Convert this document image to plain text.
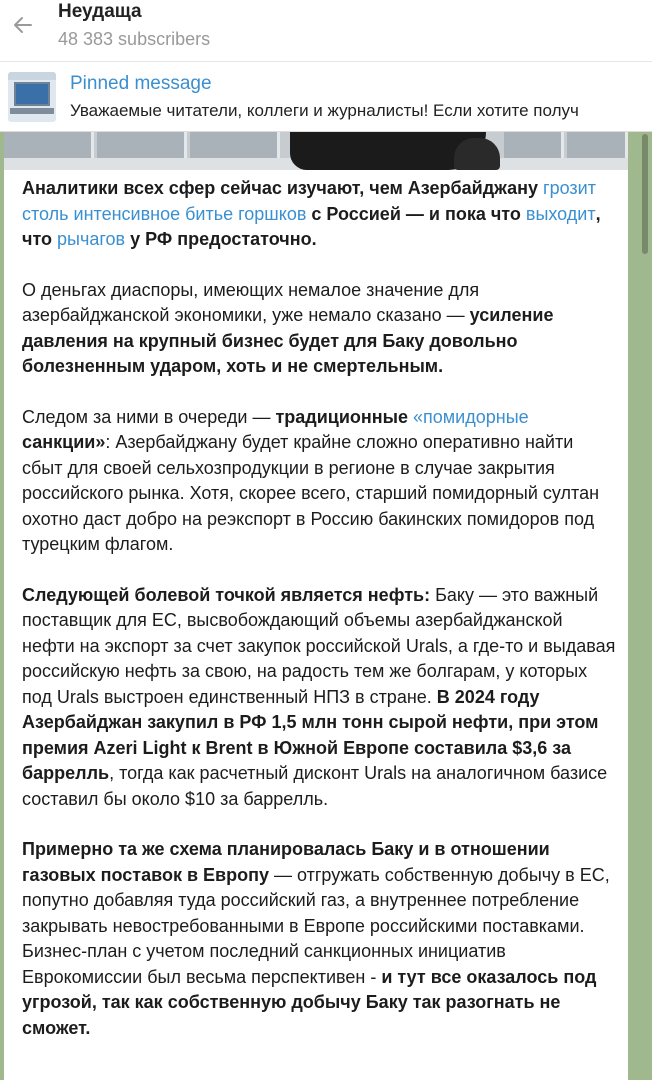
Неудаща
48 383 subscribers
Pinned message
Уважаемые читатели, коллеги и журналисты! Если хотите получ

Аналитики всех сфер сейчас изучают, чем Азербайджану грозит столь интенсивное битье горшков с Россией — и пока что выходит, что рычагов у РФ предостаточно.

О деньгах диаспоры, имеющих немалое значение для азербайджанской экономики, уже немало сказано — усиление давления на крупный бизнес будет для Баку довольно болезненным ударом, хоть и не смертельным.

Следом за ними в очереди — традиционные «помидорные санкции»: Азербайджану будет крайне сложно оперативно найти сбыт для своей сельхозпродукции в регионе в случае закрытия российского рынка. Хотя, скорее всего, старший помидорный султан охотно даст добро на реэкспорт в Россию бакинских помидоров под турецким флагом.

Следующей болевой точкой является нефть: Баку — это важный поставщик для ЕС, высвобождающий объемы азербайджанской нефти на экспорт за счет закупок российской Urals, а где-то и выдавая российскую нефть за свою, на радость тем же болгарам, у которых под Urals выстроен единственный НПЗ в стране. В 2024 году Азербайджан закупил в РФ 1,5 млн тонн сырой нефти, при этом премия Azeri Light к Brent в Южной Европе составила $3,6 за баррелль, тогда как расчетный дисконт Urals на аналогичном базисе составил бы около $10 за баррелль.

Примерно та же схема планировалась Баку и в отношении газовых поставок в Европу — отгружать собственную добычу в ЕС, попутно добавляя туда российский газ, а внутреннее потребление закрывать невостребованными в Европе российскими поставками. Бизнес-план с учетом последний санкционных инициатив Еврокомиссии был весьма перспективен - и тут все оказалось под угрозой, так как собственную добычу Баку так разогнать не сможет.
